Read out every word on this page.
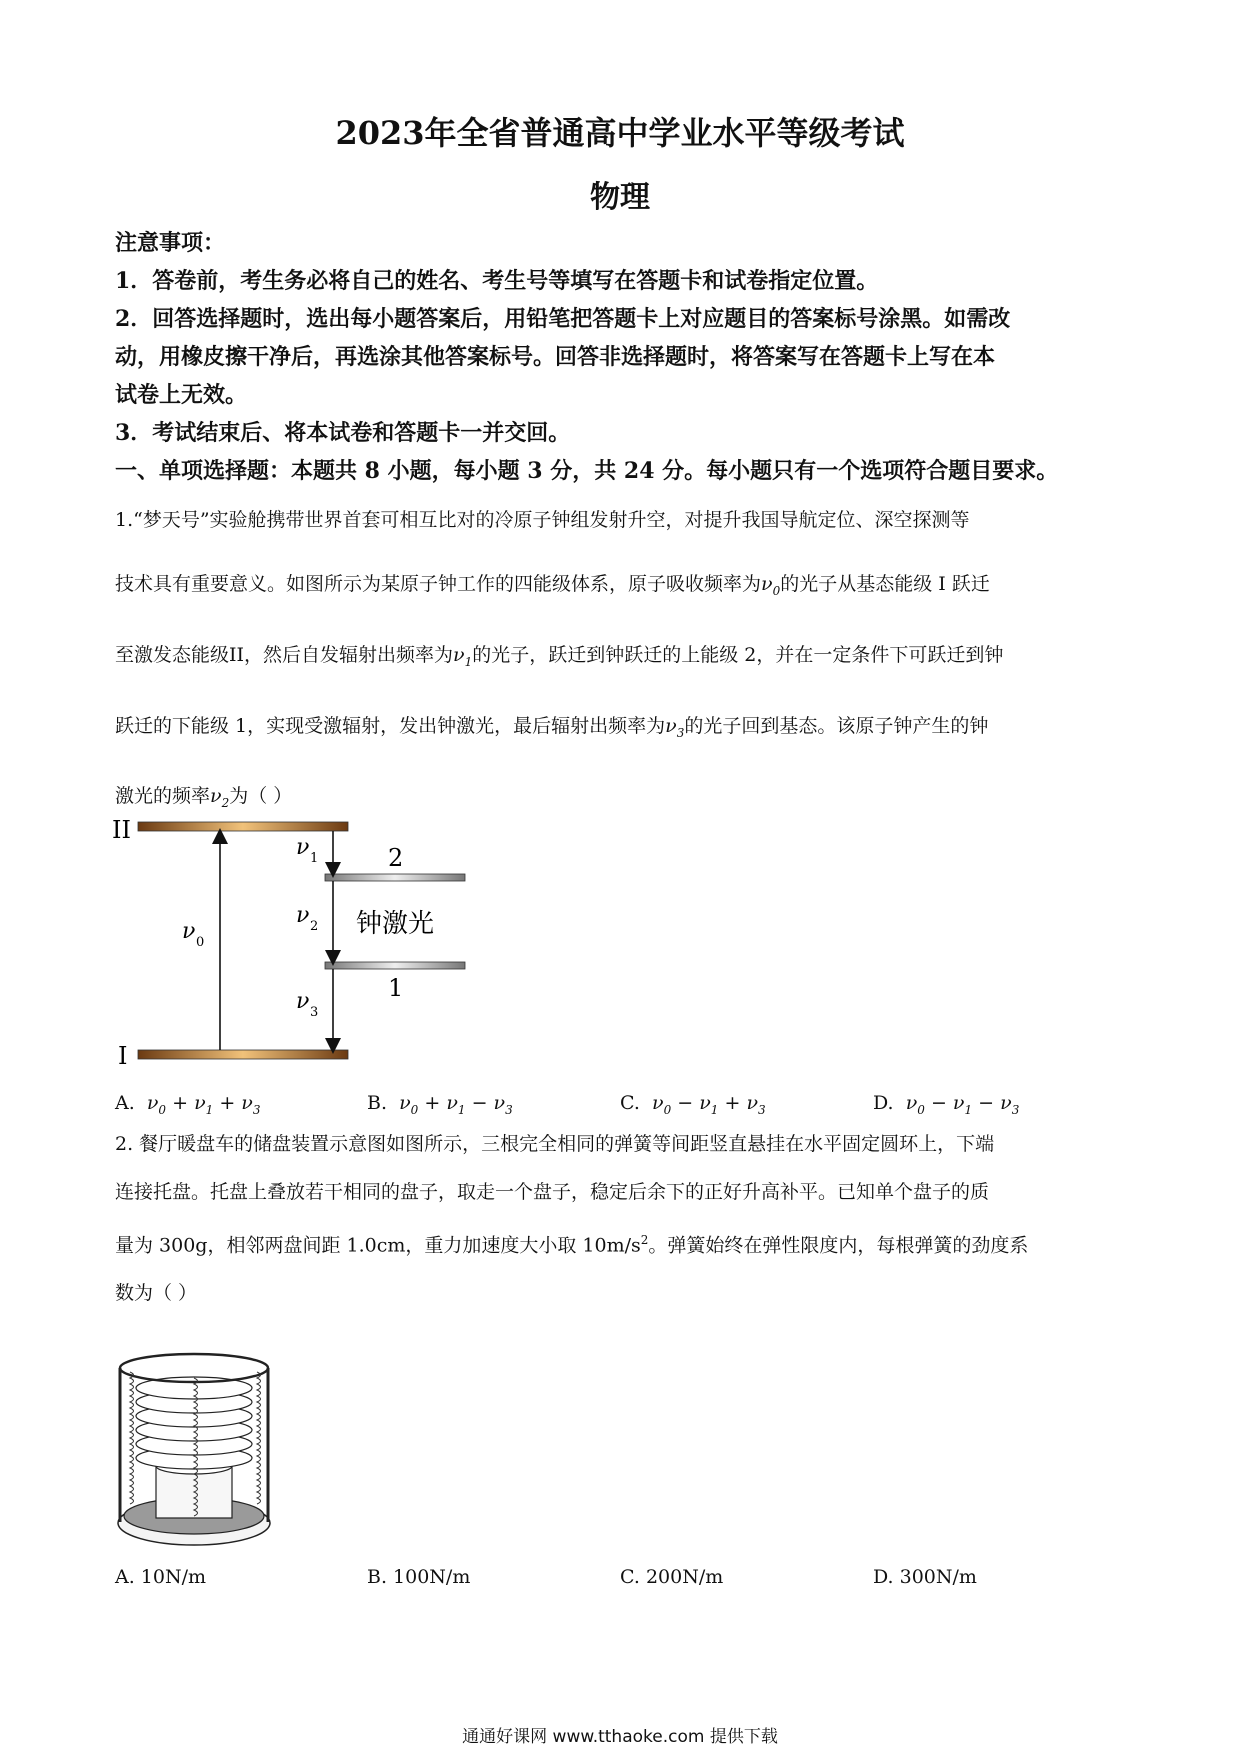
2023年全省普通高中学业水平等级考试
物理
注意事项：
1．答卷前，考生务必将自己的姓名、考生号等填写在答题卡和试卷指定位置。
2．回答选择题时，选出每小题答案后，用铅笔把答题卡上对应题目的答案标号涂黑。如需改
动，用橡皮擦干净后，再选涂其他答案标号。回答非选择题时，将答案写在答题卡上写在本
试卷上无效。
3．考试结束后、将本试卷和答题卡一并交回。
一、单项选择题：本题共 8 小题，每小题 3 分，共 24 分。每小题只有一个选项符合题目要求。
1.“梦天号”实验舱携带世界首套可相互比对的冷原子钟组发射升空，对提升我国导航定位、深空探测等
技术具有重要意义。如图所示为某原子钟工作的四能级体系，原子吸收频率为$\nu_0$的光子从基态能级 I 跃迁
至激发态能级II，然后自发辐射出频率为$\nu_1$的光子，跃迁到钟跃迁的上能级 2，并在一定条件下可跃迁到钟
跃迁的下能级 1，实现受激辐射，发出钟激光，最后辐射出频率为$\nu_3$的光子回到基态。该原子钟产生的钟
激光的频率$\nu_2$为（ ）
II
I
2
1
钟激光
ν 0
ν 1
ν 2
ν 3
A. $\nu_0 + \nu_1 + \nu_3$	B. $\nu_0 + \nu_1 - \nu_3$	C. $\nu_0 - \nu_1 + \nu_3$	D. $\nu_0 - \nu_1 - \nu_3$
2. 餐厅暖盘车的储盘装置示意图如图所示，三根完全相同的弹簧等间距竖直悬挂在水平固定圆环上，下端
连接托盘。托盘上叠放若干相同的盘子，取走一个盘子，稳定后余下的正好升高补平。已知单个盘子的质
量为 300g，相邻两盘间距 1.0cm，重力加速度大小取 $10m/s^2$。弹簧始终在弹性限度内，每根弹簧的劲度系
数为（ ）
A. 10N/m	B. 100N/m	C. 200N/m	D. 300N/m
通通好课网 www.tthaoke.com 提供下载
